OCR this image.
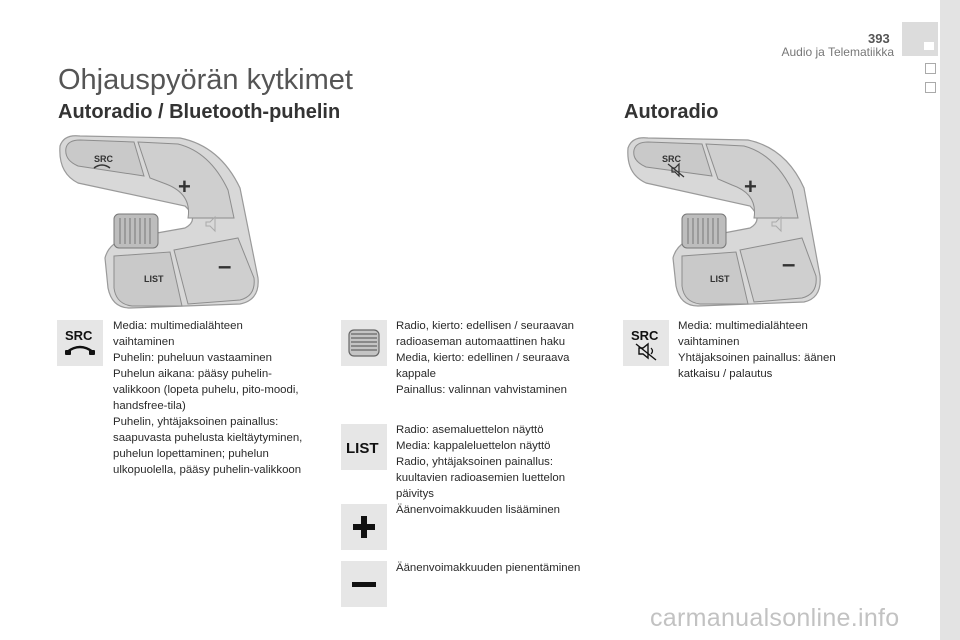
393
Audio ja Telematiikka
Ohjauspyörän kytkimet
Autoradio / Bluetooth-puhelin	Autoradio
SRC
+
–
LIST
SRC
+
–
LIST
SRC
Media: multimedialähteen
vaihtaminen
Puhelin: puheluun vastaaminen
Puhelun aikana: pääsy puhelin-
valikkoon (lopeta puhelu, pito-moodi,
handsfree-tila)
Puhelin, yhtäjaksoinen painallus:
saapuvasta puhelusta kieltäytyminen,
puhelun lopettaminen; puhelun
ulkopuolella, pääsy puhelin-valikkoon
Radio, kierto: edellisen / seuraavan
radioaseman automaattinen haku
Media, kierto: edellinen / seuraava
kappale
Painallus: valinnan vahvistaminen
LIST
Radio: asemaluettelon näyttö
Media: kappaleluettelon näyttö
Radio, yhtäjaksoinen painallus:
kuultavien radioasemien luettelon
päivitys
Äänenvoimakkuuden lisääminen
Äänenvoimakkuuden pienentäminen
SRC
Media: multimedialähteen
vaihtaminen
Yhtäjaksoinen painallus: äänen
katkaisu / palautus
carmanualsonline.info
